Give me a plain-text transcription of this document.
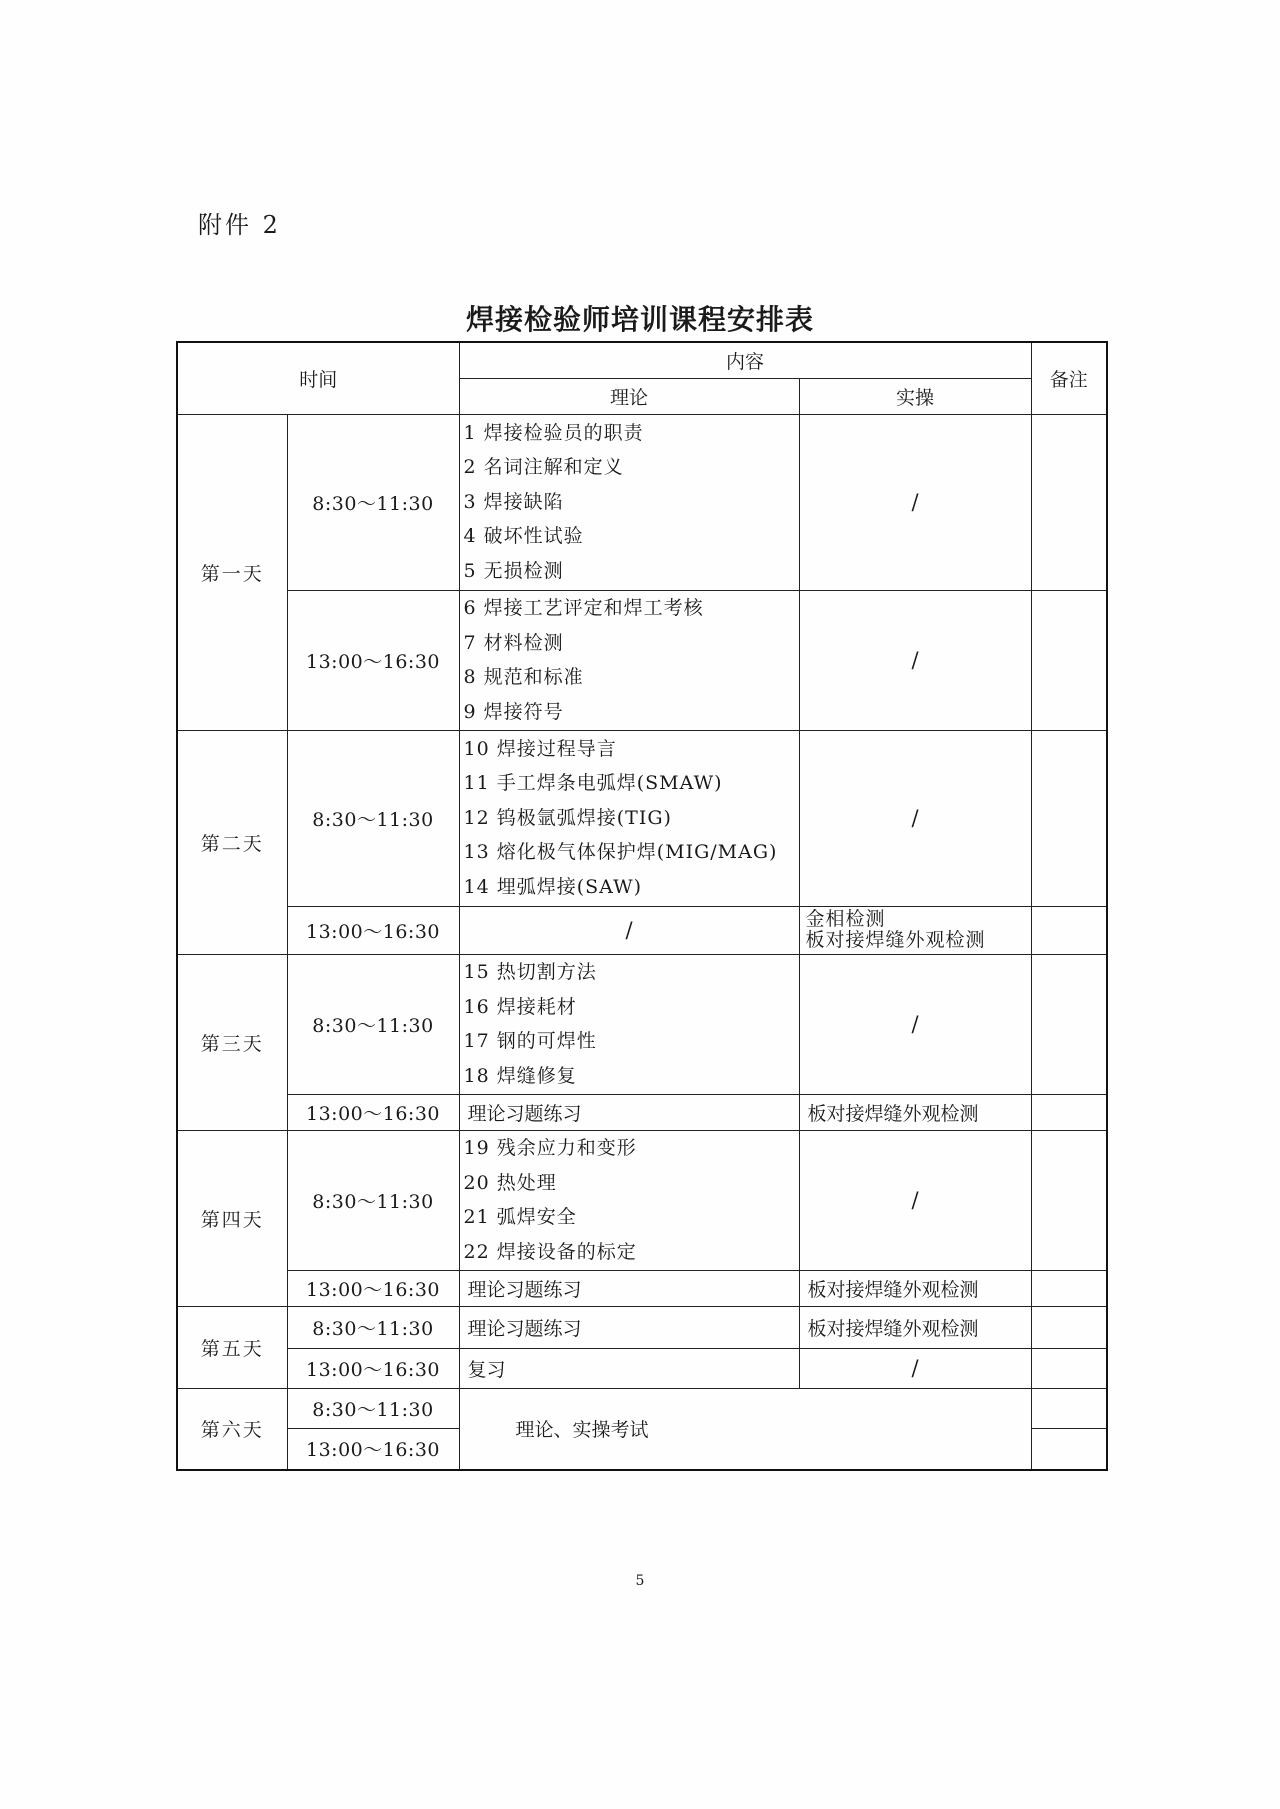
附件 2
焊接检验师培训课程安排表
时间		内容		备注
		理论	实操	
第一天	8:30～11:30	1 焊接检验员的职责
2 名词注解和定义
3 焊接缺陷
4 破坏性试验
5 无损检测	/	
	13:00～16:30	6 焊接工艺评定和焊工考核
7 材料检测
8 规范和标准
9 焊接符号	/	
第二天	8:30～11:30	10 焊接过程导言
11 手工焊条电弧焊(SMAW)
12 钨极氩弧焊接(TIG)
13 熔化极气体保护焊(MIG/MAG)
14 埋弧焊接(SAW)	/	
	13:00～16:30	/	金相检测
板对接焊缝外观检测	

第三天	8:30～11:30	15 热切割方法
16 焊接耗材
17 钢的可焊性
18 焊缝修复	/	
	13:00～16:30	理论习题练习	板对接焊缝外观检测	
第四天	8:30～11:30	19 残余应力和变形
20 热处理
21 弧焊安全
22 焊接设备的标定	/	
	13:00～16:30	理论习题练习	板对接焊缝外观检测	
第五天	8:30～11:30	理论习题练习	板对接焊缝外观检测	
	13:00～16:30	复习	/	
第六天	8:30～11:30	理论、实操考试		
	13:00～16:30			
5
